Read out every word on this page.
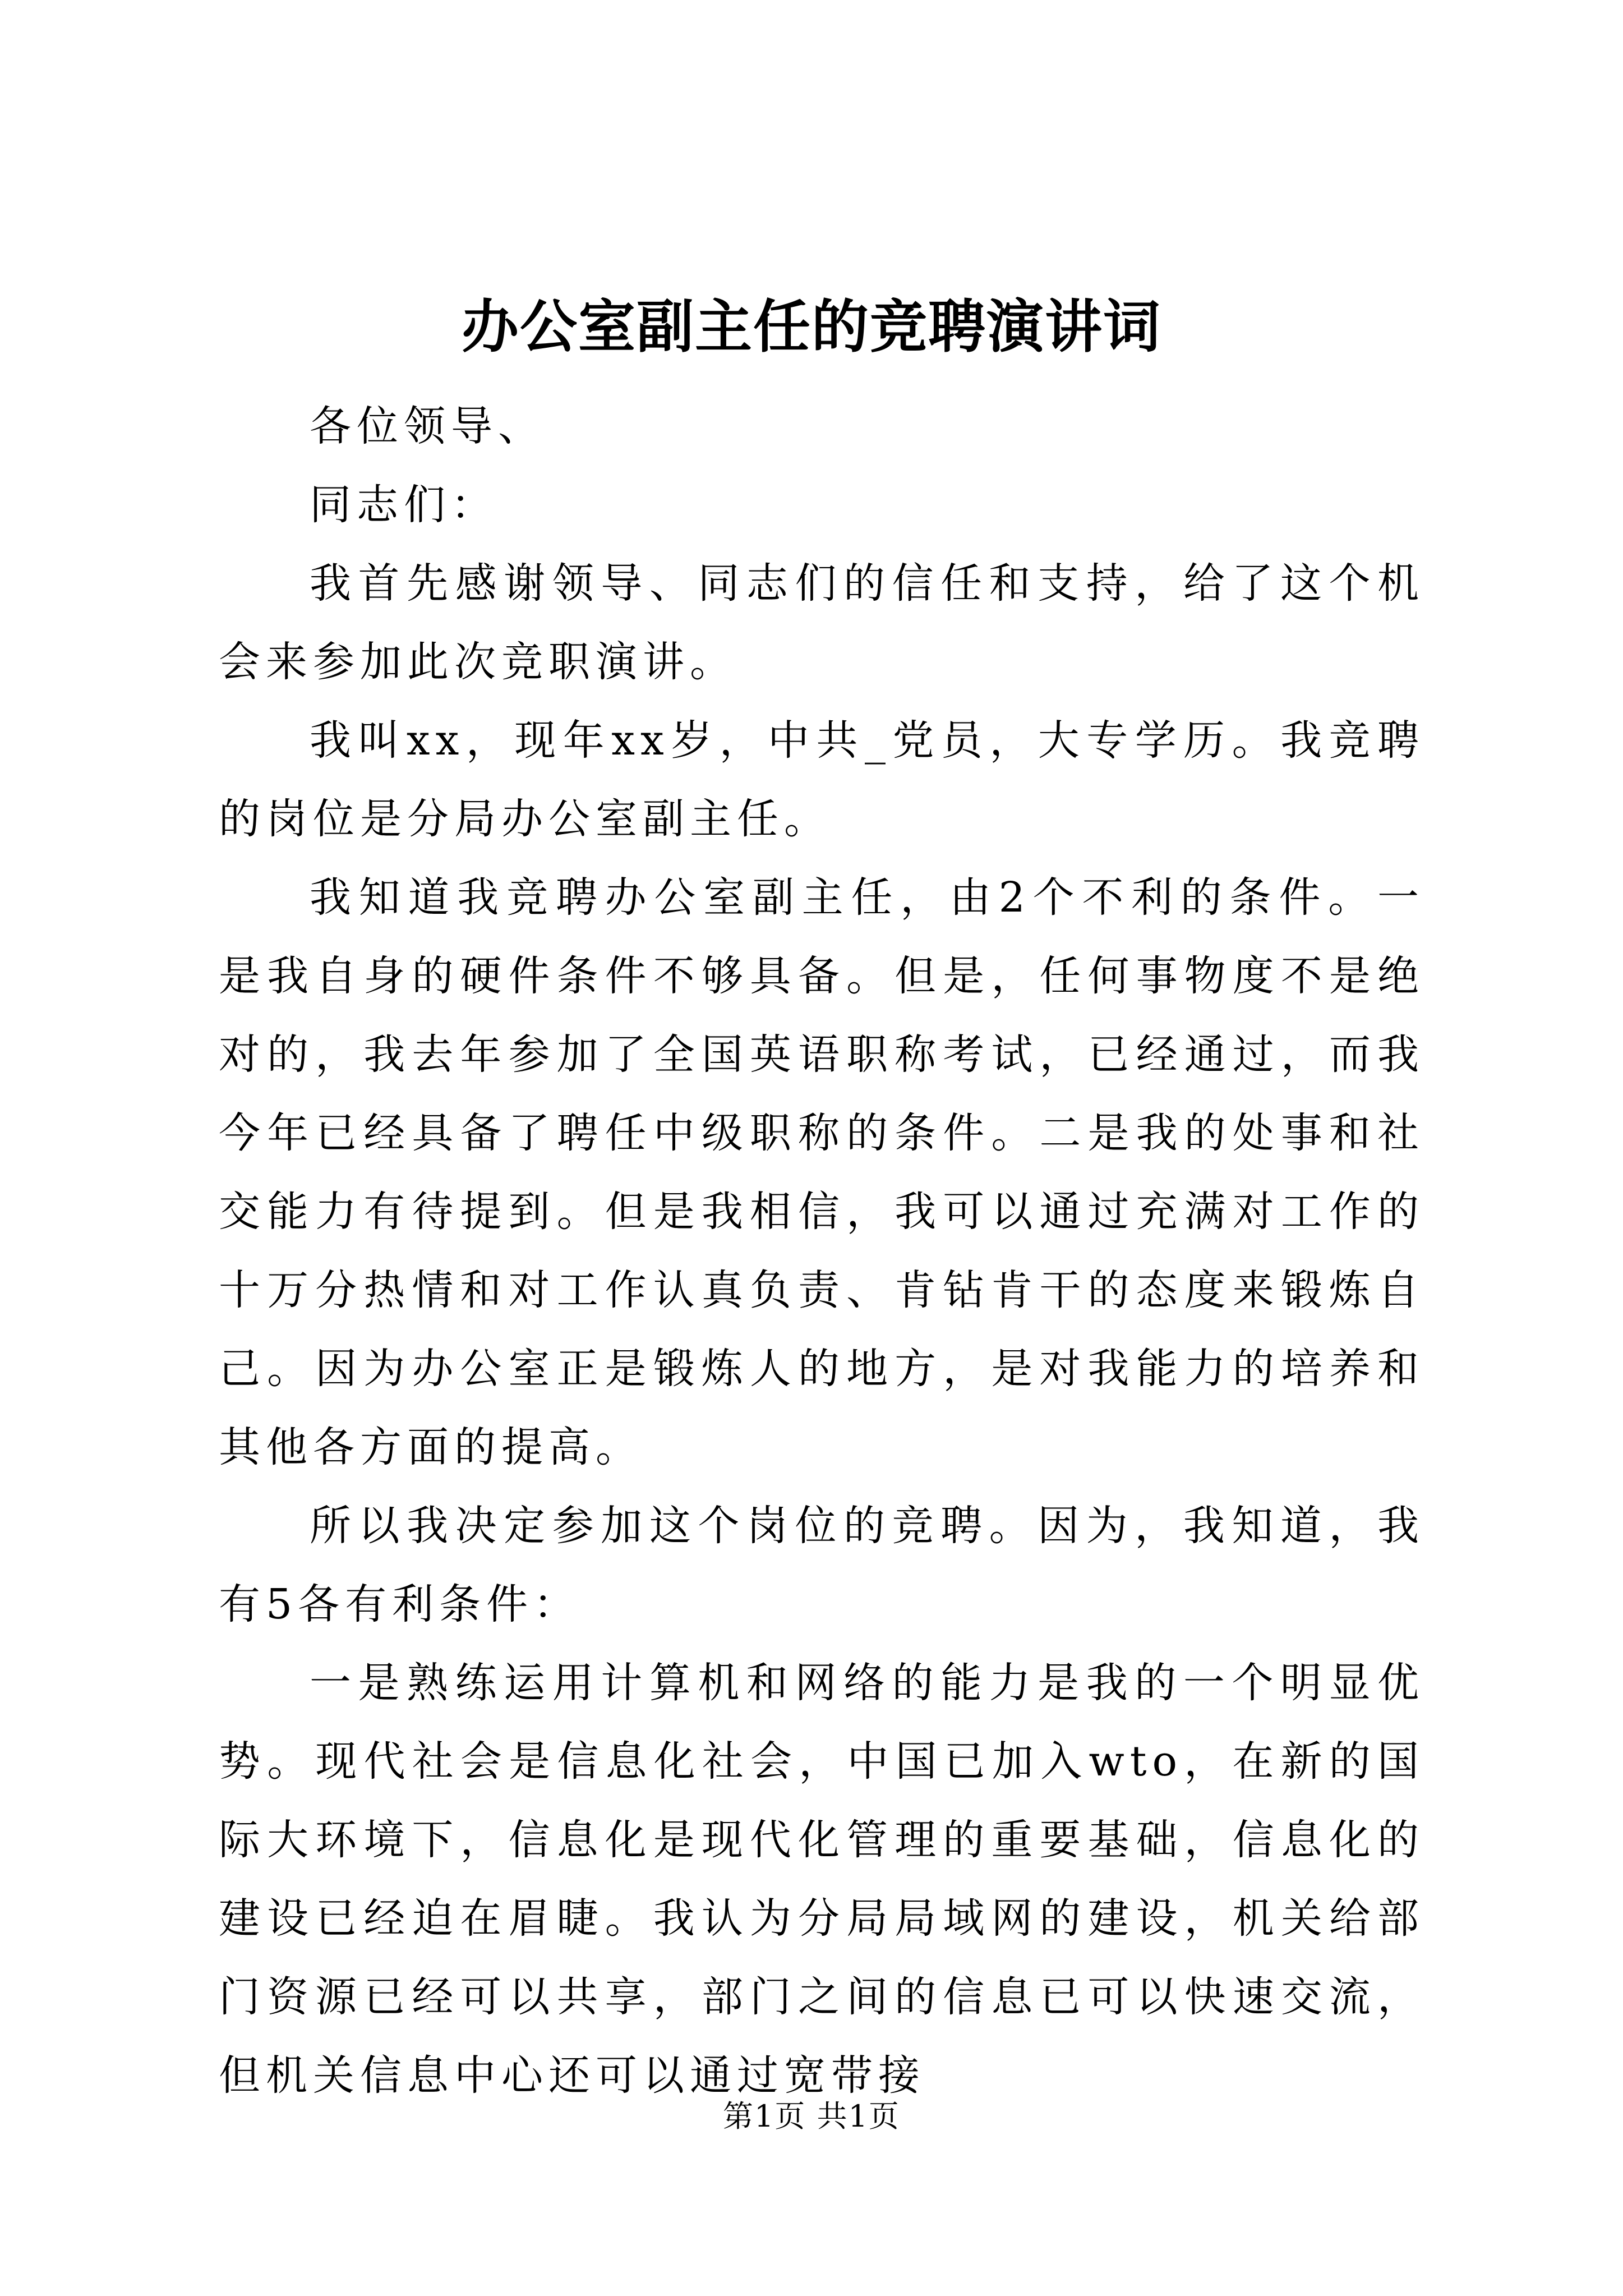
办公室副主任的竞聘演讲词

各位领导、

同志们：

我首先感谢领导、同志们的信任和支持，给了这个机会来参加此次竞职演讲。

我叫xx，现年xx岁，中共_党员，大专学历。我竞聘的岗位是分局办公室副主任。

我知道我竞聘办公室副主任，由2个不利的条件。一是我自身的硬件条件不够具备。但是，任何事物度不是绝对的，我去年参加了全国英语职称考试，已经通过，而我今年已经具备了聘任中级职称的条件。二是我的处事和社交能力有待提到。但是我相信，我可以通过充满对工作的十万分热情和对工作认真负责、肯钻肯干的态度来锻炼自己。因为办公室正是锻炼人的地方，是对我能力的培养和其他各方面的提高。

所以我决定参加这个岗位的竞聘。因为，我知道，我有5各有利条件：

一是熟练运用计算机和网络的能力是我的一个明显优势。现代社会是信息化社会，中国已加入wto，在新的国际大环境下，信息化是现代化管理的重要基础，信息化的建设已经迫在眉睫。我认为分局局域网的建设，机关给部门资源已经可以共享，部门之间的信息已可以快速交流，但机关信息中心还可以通过宽带接

第1页 共1页
